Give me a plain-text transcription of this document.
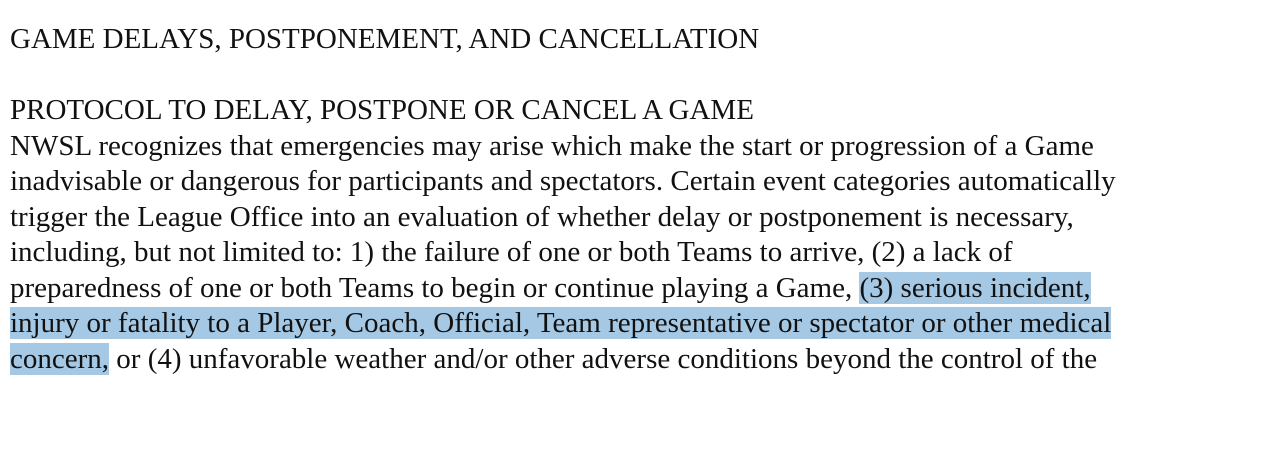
GAME DELAYS, POSTPONEMENT, AND CANCELLATION
PROTOCOL TO DELAY, POSTPONE OR CANCEL A GAME
NWSL recognizes that emergencies may arise which make the start or progression of a Game
inadvisable or dangerous for participants and spectators. Certain event categories automatically
trigger the League Office into an evaluation of whether delay or postponement is necessary,
including, but not limited to: 1) the failure of one or both Teams to arrive, (2) a lack of
preparedness of one or both Teams to begin or continue playing a Game, (3) serious incident,
injury or fatality to a Player, Coach, Official, Team representative or spectator or other medical
concern, or (4) unfavorable weather and/or other adverse conditions beyond the control of the
